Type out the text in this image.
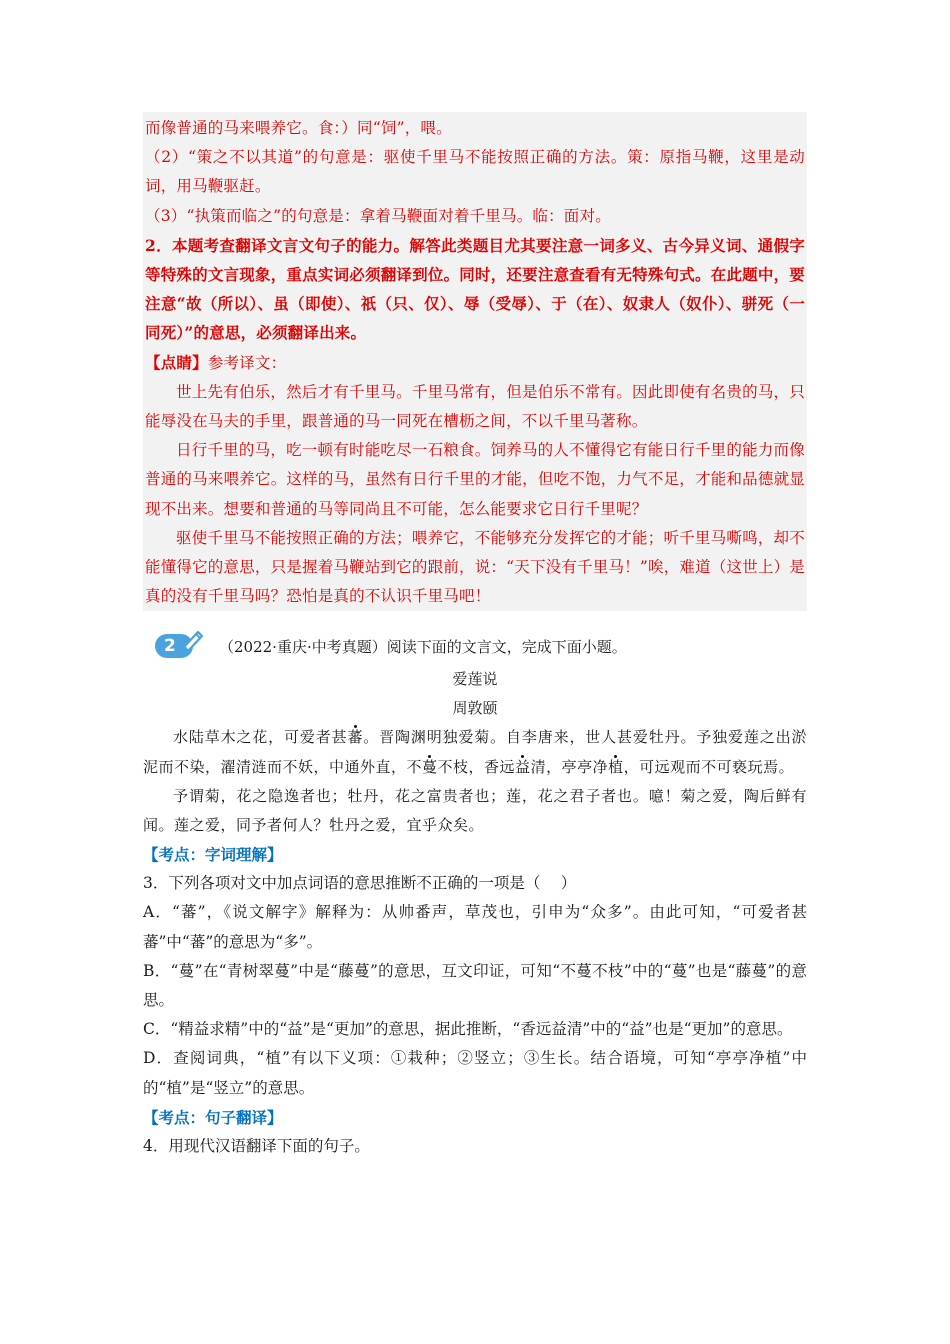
而像普通的马来喂养它。食：）同“饲”，喂。

（2）“策之不以其道”的句意是：驱使千里马不能按照正确的方法。策：原指马鞭，这里是动词，用马鞭驱赶。

（3）“执策而临之”的句意是：拿着马鞭面对着千里马。临：面对。

2．本题考查翻译文言文句子的能力。解答此类题目尤其要注意一词多义、古今异义词、通假字等特殊的文言现象，重点实词必须翻译到位。同时，还要注意查看有无特殊句式。在此题中，要注意“故（所以）、虽（即使）、祇（只、仅）、辱（受辱）、于（在）、奴隶人（奴仆）、骈死（一同死）”的意思，必须翻译出来。

【点睛】参考译文：

世上先有伯乐，然后才有千里马。千里马常有，但是伯乐不常有。因此即使有名贵的马，只能辱没在马夫的手里，跟普通的马一同死在槽枥之间，不以千里马著称。

日行千里的马，吃一顿有时能吃尽一石粮食。饲养马的人不懂得它有能日行千里的能力而像普通的马来喂养它。这样的马，虽然有日行千里的才能，但吃不饱，力气不足，才能和品德就显现不出来。想要和普通的马等同尚且不可能，怎么能要求它日行千里呢？

驱使千里马不能按照正确的方法；喂养它，不能够充分发挥它的才能；听千里马嘶鸣，却不能懂得它的意思，只是握着马鞭站到它的跟前，说：“天下没有千里马！”唉，难道（这世上）是真的没有千里马吗？恐怕是真的不认识千里马吧！

2	（2022·重庆·中考真题）阅读下面的文言文，完成下面小题。
爱莲说
周敦颐

水陆草木之花，可爱者甚蕃。晋陶渊明独爱菊。自李唐来，世人甚爱牡丹。予独爱莲之出淤泥而不染，濯清涟而不妖，中通外直，不蔓不枝，香远益清，亭亭净植，可远观而不可亵玩焉。

予谓菊，花之隐逸者也；牡丹，花之富贵者也；莲，花之君子者也。噫！菊之爱，陶后鲜有闻。莲之爱，同予者何人？牡丹之爱，宜乎众矣。

【考点：字词理解】

3．下列各项对文中加点词语的意思推断不正确的一项是（　 ）

A．“蕃”，《说文解字》解释为：从帅番声，草茂也，引申为“众多”。由此可知，“可爱者甚蕃”中“蕃”的意思为“多”。

B．“蔓”在“青树翠蔓”中是“藤蔓”的意思，互文印证，可知“不蔓不枝”中的“蔓”也是“藤蔓”的意思。

C．“精益求精”中的“益”是“更加”的意思，据此推断，“香远益清”中的“益”也是“更加”的意思。

D．查阅词典，“植”有以下义项：①栽种；②竖立；③生长。结合语境，可知“亭亭净植”中的“植”是“竖立”的意思。

【考点：句子翻译】

4．用现代汉语翻译下面的句子。
